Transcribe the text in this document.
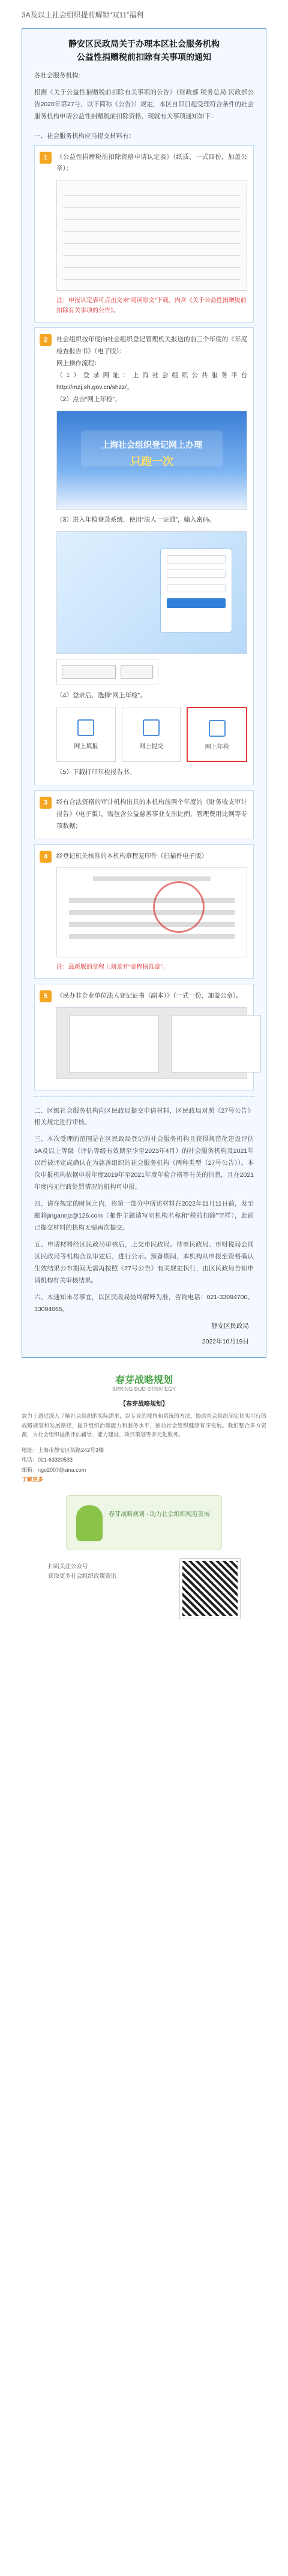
3A及以上社会组织提前解锁“双11”福利
静安区民政局关于办理本区社会服务机构
公益性捐赠税前扣除有关事项的通知
各社会服务机构：
根据《关于公益性捐赠税前扣除有关事项的公告》（财政部 税务总局 民政部公告2020年第27号，以下简称《公告》）规定，本区自即日起受理符合条件的社会服务机构申请公益性捐赠税前扣除资格，现就有关事项通知如下：
一、社会服务机构应当提交材料有：
1	《公益性捐赠税前扣除资格申请认定表》（纸质，一式四份，加盖公章）；
注：申报认定表可点击文末“阅读原文”下载，内含《关于公益性捐赠税前扣除有关事项的公告》。
2	社会组织按年度向社会组织登记管理机关报送的前三个年度的《年度检查报告书》（电子版）：
网上操作流程：
（1）登录网址：上海社会组织公共服务平台http://mzj.sh.gov.cn/shzz/。
（2）点击“网上年检”。
上海社会组织登记网上办理
只跑一次
（3）进入年检登录系统，使用“法人一证通”，输入密码。
（4）登录后，选择“网上年检”。
网上填报	网上提交	网上年检
（5）下载打印年检报告书。
3	经有合法资格的审计机构出具的本机构前两个年度的《财务收支审计报告》（电子版），需包含公益慈善事业支出比例、管理费用比例等专项数据；
4	经登记机关核准的本机构章程复印件（扫描件电子版）
注：最新版的章程上须盖有“章程核准章”。
5	《民办非企业单位法人登记证书（副本）》（一式一份，加盖公章）。
二、区级社会服务机构向区民政局提交申请材料，区民政局对照《27号公告》相关规定进行审核。
三、本次受理的范围是在区民政局登记的社会服务机构且获得规范化建设评估3A及以上等级（评估等级有效期至少至2023年4月）的社会服务机构及2021年以后被评定或确认在为慈善组织的社会服务机构（两种类型（27号公告））。本次申报机构依据申报年度2019年至2021年度年检合格等有关的信息，且在2021年度内无行政处罚情况的机构可申报。
四、请在规定的时间之内，将第一部分中所述材料在2022年11月11日前，发至邮箱jingannjz@126.com（邮件主题请写明机构名称和“税前扣除”字样），此前已提交材料的机构无需再次提交。
五、申请材料经区民政局审核后，上交市民政局。待市民政局、市财税局会同区民政局等机构合议审定后，进行公示。预备期间，本机构从申报至资格确认生效结果公布期间无需再按照《27号公告》有关规定执行，由区民政局告知申请机构有关审核结果。
六、本通知未尽事宜，以区民政局最终解释为准，咨询电话：021-33094700、33094065。
静安区民政局
2022年10月19日
春芽战略规划
SPRING BUD STRATEGY
【春芽战略规划】
致力于通过深入了解社会组织的实际需求，以专业的视角和系统的方法，协助社会组织制定切实可行的战略规划和发展路径，提升组织治理能力和服务水平，推动社会组织健康有序发展。我们整合多方资源，为社会组织提供评估辅导、能力建设、项目策划等多元化服务。
地址：上海市静安区某路242号3楼
电话：021-63320533
邮箱：ngo2007@sina.com
了解更多
春芽战略规划 · 助力社会组织规范发展
扫码关注公众号
获取更多社会组织政策资讯
